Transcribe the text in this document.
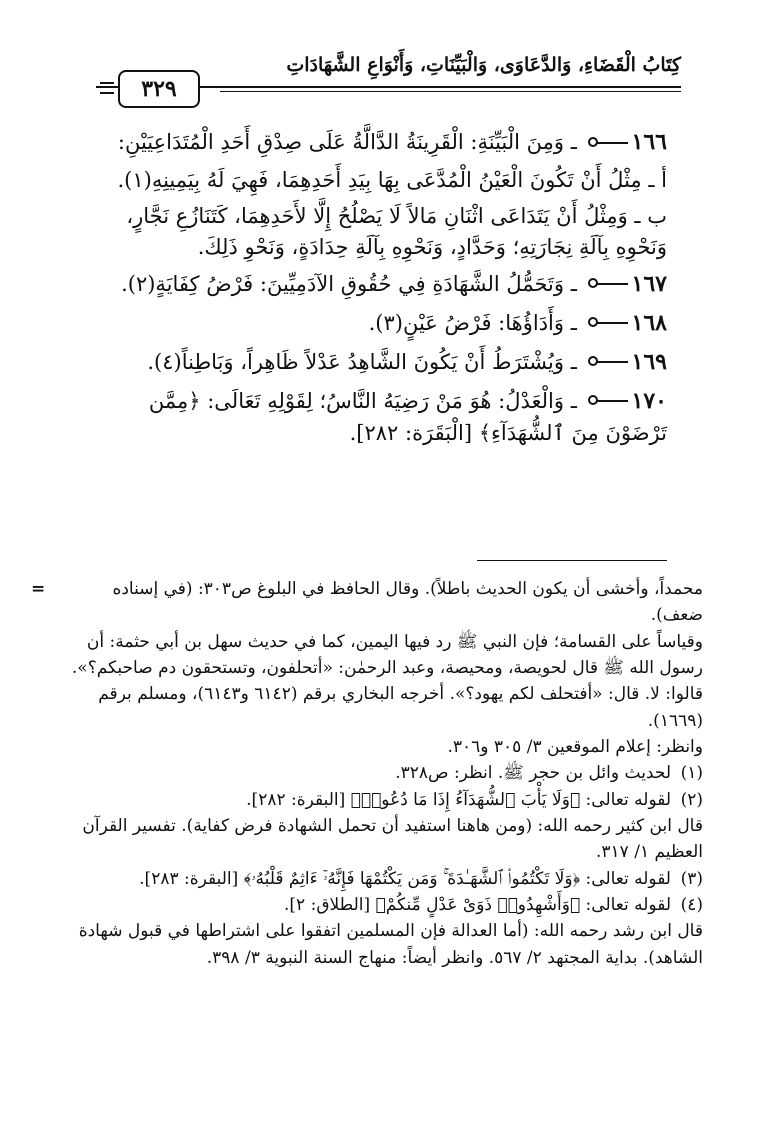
كِتَابُ الْقَضَاءِ، وَالدَّعَاوَى، وَالْبَيِّنَاتِ، وَأَنْوَاعِ الشَّهَادَاتِ
٣٢٩
١٦٦
ـ وَمِنَ الْبَيِّنَةِ: الْقَرِينَةُ الدَّالَّةُ عَلَى صِدْقِ أَحَدِ الْمُتَدَاعِيَيْنِ:
أ ـ مِثْلُ أَنْ تَكُونَ الْعَيْنُ الْمُدَّعَى بِهَا بِيَدِ أَحَدِهِمَا، فَهِيَ لَهُ بِيَمِينِهِ(١).
ب ـ وَمِثْلُ أَنْ يَتَدَاعَى اثْنَانِ مَالاً لَا يَصْلُحُ إِلَّا لأَحَدِهِمَا، كَتَنَازُعِ نَجَّارٍ، وَنَحْوِهِ بِآلَةِ نِجَارَتِهِ؛ وَحَدَّادٍ، وَنَحْوِهِ بِآلَةِ حِدَادَةٍ، وَنَحْوِ ذَلِكَ.
١٦٧
ـ وَتَحَمُّلُ الشَّهَادَةِ فِي حُقُوقِ الآدَمِيِّينَ: فَرْضُ كِفَايَةٍ(٢).
١٦٨
ـ وَأَدَاؤُهَا: فَرْضُ عَيْنٍ(٣).
١٦٩
ـ وَيُشْتَرَطُ أَنْ يَكُونَ الشَّاهِدُ عَدْلاً ظَاهِراً، وَبَاطِناً(٤).
١٧٠
ـ وَالْعَدْلُ: هُوَ مَنْ رَضِيَهُ النَّاسُ؛ لِقَوْلِهِ تَعَالَى: ﴿مِمَّن تَرْضَوْنَ مِنَ ٱلشُّهَدَآءِ﴾ [الْبَقَرَة: ٢٨٢].
=	محمداً، وأخشى أن يكون الحديث باطلاً). وقال الحافظ في البلوغ ص٣٠٣: (في إسناده ضعف).

وقياساً على القسامة؛ فإن النبي ﷺ رد فيها اليمين، كما في حديث سهل بن أبي حثمة: أن رسول الله ﷺ قال لحويصة، ومحيصة، وعبد الرحمٰن: «أتحلفون، وتستحقون دم صاحبكم؟». قالوا: لا. قال: «أفتحلف لكم يهود؟». أخرجه البخاري برقم (٦١٤٢ و٦١٤٣)، ومسلم برقم (١٦٦٩).

وانظر: إعلام الموقعين ٣/ ٣٠٥ و٣٠٦.

(١)
لحديث وائل بن حجر ﷺ. انظر: ص٣٢٨.
(٢)
لقوله تعالى: ﴿وَلَا يَأْبَ ٱلشُّهَدَآءُ إِذَا مَا دُعُوا۟﴾ [البقرة: ٢٨٢].
قال ابن كثير رحمه الله: (ومن هاهنا استفيد أن تحمل الشهادة فرض كفاية). تفسير القرآن العظيم ١/ ٣١٧.
(٣)
لقوله تعالى: ﴿وَلَا تَكْتُمُوا۟ ٱلشَّهَـٰدَةَ ۚ وَمَن يَكْتُمْهَا فَإِنَّهُۥٓ ءَاثِمٌ قَلْبُهُۥ﴾ [البقرة: ٢٨٣].
(٤)
لقوله تعالى: ﴿وَأَشْهِدُوا۟ ذَوَىْ عَدْلٍ مِّنكُمْ﴾ [الطلاق: ٢].
قال ابن رشد رحمه الله: (أما العدالة فإن المسلمين اتفقوا على اشتراطها في قبول شهادة الشاهد). بداية المجتهد ٢/ ٥٦٧. وانظر أيضاً: منهاج السنة النبوية ٣/ ٣٩٨.
